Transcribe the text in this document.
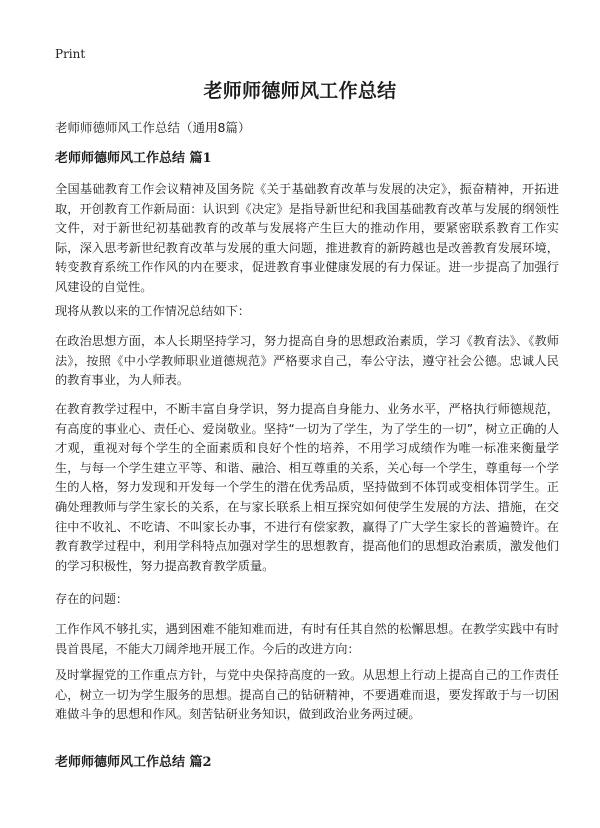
Print
老师师德师风工作总结
老师师德师风工作总结（通用8篇）
老师师德师风工作总结 篇1

全国基础教育工作会议精神及国务院《关于基础教育改革与发展的决定》，振奋精神，开拓进取，开创教育工作新局面：认识到《决定》是指导新世纪和我国基础教育改革与发展的纲领性文件，对于新世纪初基础教育的改革与发展将产生巨大的推动作用，要紧密联系教育工作实际，深入思考新世纪教育改革与发展的重大问题，推进教育的新跨越也是改善教育发展环境，转变教育系统工作作风的内在要求，促进教育事业健康发展的有力保证。进一步提高了加强行风建设的自觉性。

现将从教以来的工作情况总结如下：

在政治思想方面，本人长期坚持学习，努力提高自身的思想政治素质，学习《教育法》、《教师法》，按照《中小学教师职业道德规范》严格要求自己，奉公守法，遵守社会公德。忠诚人民的教育事业，为人师表。

在教育教学过程中，不断丰富自身学识，努力提高自身能力、业务水平，严格执行师德规范，有高度的事业心、责任心、爱岗敬业。坚持“一切为了学生，为了学生的一切”，树立正确的人才观，重视对每个学生的全面素质和良好个性的培养，不用学习成绩作为唯一标准来衡量学生，与每一个学生建立平等、和谐、融洽、相互尊重的关系，关心每一个学生，尊重每一个学生的人格，努力发现和开发每一个学生的潜在优秀品质，坚持做到不体罚或变相体罚学生。正确处理教师与学生家长的关系，在与家长联系上相互探究如何使学生发展的方法、措施，在交往中不收礼、不吃请、不叫家长办事，不进行有偿家教，赢得了广大学生家长的普遍赞许。在教育教学过程中，利用学科特点加强对学生的思想教育，提高他们的思想政治素质，激发他们的学习积极性，努力提高教育教学质量。

存在的问题：

工作作风不够扎实，遇到困难不能知难而进，有时有任其自然的松懈思想。在教学实践中有时畏首畏尾，不能大刀阔斧地开展工作。今后的改进方向：

及时掌握党的工作重点方针，与党中央保持高度的一致。从思想上行动上提高自己的工作责任心，树立一切为学生服务的思想。提高自己的钻研精神，不要遇难而退，要发挥敢于与一切困难做斗争的思想和作风。刻苦钻研业务知识，做到政治业务两过硬。

老师师德师风工作总结 篇2
